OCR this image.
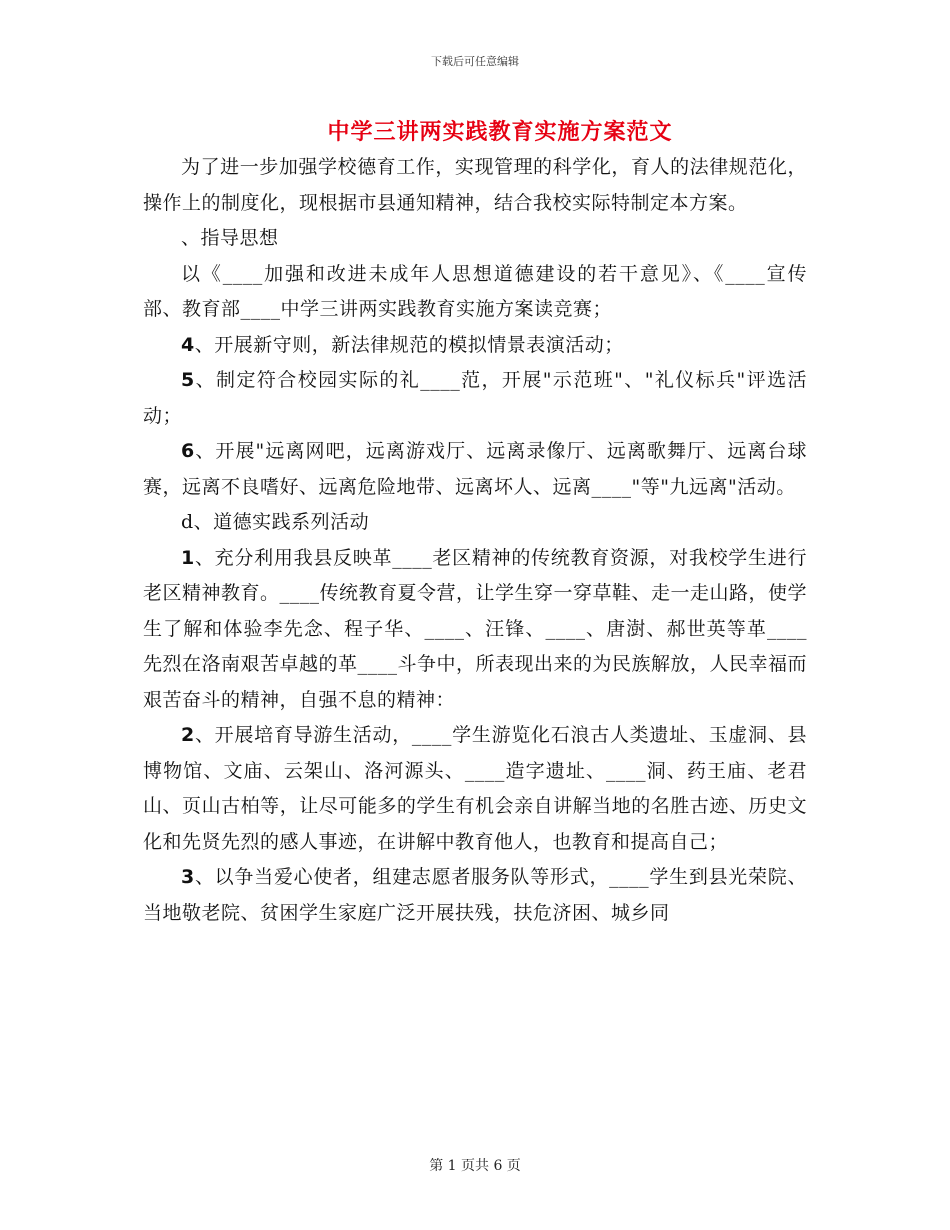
下载后可任意编辑
中学三讲两实践教育实施方案范文

为了进一步加强学校德育工作，实现管理的科学化，育人的法律规范化，操作上的制度化，现根据市县通知精神，结合我校实际特制定本方案。

、指导思想

以《____加强和改进未成年人思想道德建设的若干意见》、《____宣传部、教育部____中学三讲两实践教育实施方案读竞赛；

4、开展新守则，新法律规范的模拟情景表演活动；

5、制定符合校园实际的礼____范，开展"示范班"、"礼仪标兵"评选活动；

6、开展"远离网吧，远离游戏厅、远离录像厅、远离歌舞厅、远离台球赛，远离不良嗜好、远离危险地带、远离坏人、远离____"等"九远离"活动。

d、道德实践系列活动

1、充分利用我县反映革____老区精神的传统教育资源，对我校学生进行老区精神教育。____传统教育夏令营，让学生穿一穿草鞋、走一走山路，使学生了解和体验李先念、程子华、____、汪锋、____、唐澍、郝世英等革____先烈在洛南艰苦卓越的革____斗争中，所表现出来的为民族解放，人民幸福而艰苦奋斗的精神，自强不息的精神：

2、开展培育导游生活动，____学生游览化石浪古人类遗址、玉虚洞、县博物馆、文庙、云架山、洛河源头、____造字遗址、____洞、药王庙、老君山、页山古柏等，让尽可能多的学生有机会亲自讲解当地的名胜古迹、历史文化和先贤先烈的感人事迹，在讲解中教育他人，也教育和提高自己；

3、以争当爱心使者，组建志愿者服务队等形式，____学生到县光荣院、当地敬老院、贫困学生家庭广泛开展扶残，扶危济困、城乡同

第 1 页共 6 页
